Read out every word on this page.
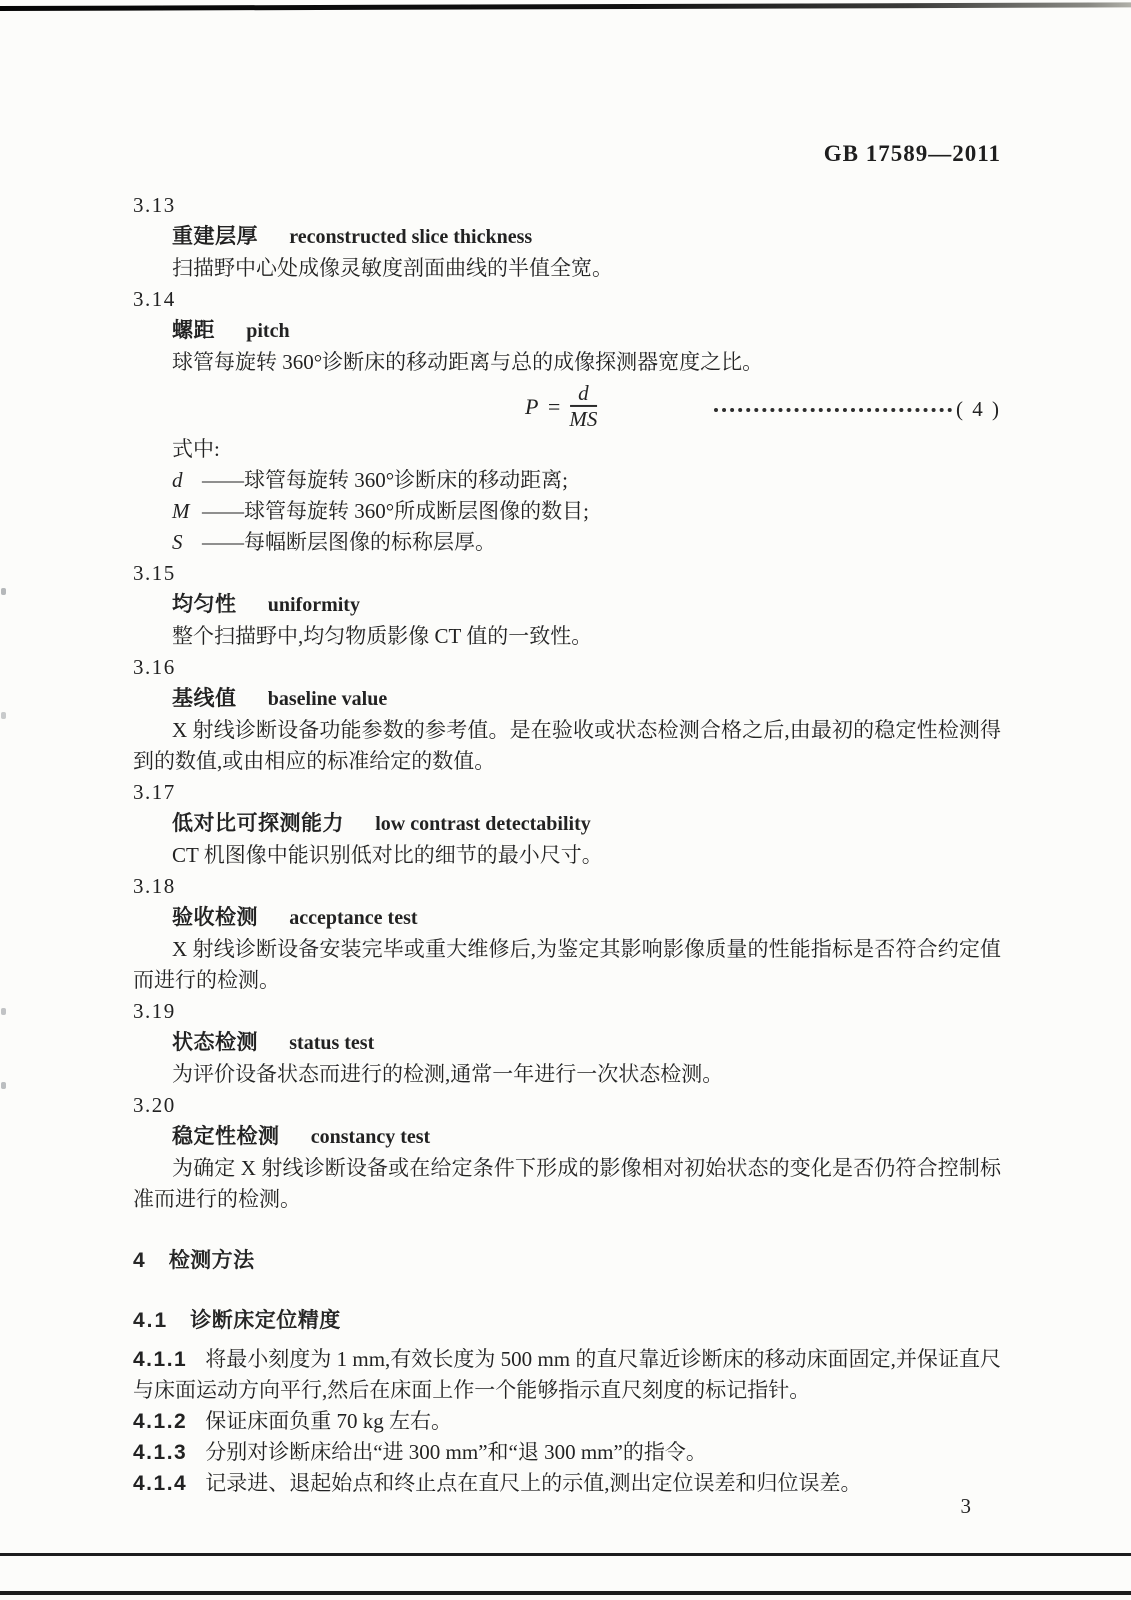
GB 17589—2011
3.13
重建层厚 reconstructed slice thickness

扫描野中心处成像灵敏度剖面曲线的半值全宽。

3.14
螺距 pitch

球管每旋转 360°诊断床的移动距离与总的成像探测器宽度之比。

$P = \frac{d}{MS}$	( 4 )
式中:
d ——球管每旋转 360°诊断床的移动距离;
M ——球管每旋转 360°所成断层图像的数目;
S ——每幅断层图像的标称层厚。
3.15
均匀性 uniformity

整个扫描野中,均匀物质影像 CT 值的一致性。

3.16
基线值 baseline value

X 射线诊断设备功能参数的参考值。是在验收或状态检测合格之后,由最初的稳定性检测得到的数值,或由相应的标准给定的数值。

3.17
低对比可探测能力 low contrast detectability

CT 机图像中能识别低对比的细节的最小尺寸。

3.18
验收检测 acceptance test

X 射线诊断设备安装完毕或重大维修后,为鉴定其影响影像质量的性能指标是否符合约定值而进行的检测。

3.19
状态检测 status test

为评价设备状态而进行的检测,通常一年进行一次状态检测。

3.20
稳定性检测 constancy test

为确定 X 射线诊断设备或在给定条件下形成的影像相对初始状态的变化是否仍符合控制标准而进行的检测。

4 检测方法
4.1 诊断床定位精度

4.1.1 将最小刻度为 1 mm,有效长度为 500 mm 的直尺靠近诊断床的移动床面固定,并保证直尺与床面运动方向平行,然后在床面上作一个能够指示直尺刻度的标记指针。

4.1.2 保证床面负重 70 kg 左右。

4.1.3 分别对诊断床给出“进 300 mm”和“退 300 mm”的指令。

4.1.4 记录进、退起始点和终止点在直尺上的示值,测出定位误差和归位误差。

3
